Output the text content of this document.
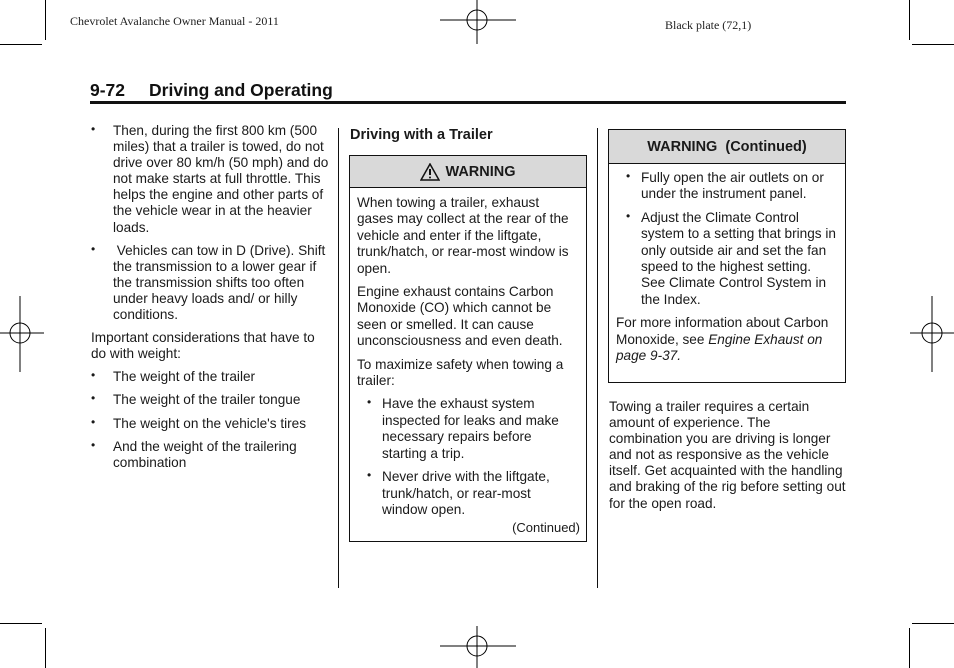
Chevrolet Avalanche Owner Manual - 2011	Black plate (72,1)
9-72 Driving and Operating
• Then, during the first 800 km (500 miles) that a trailer is towed, do not drive over 80 km/h (50 mph) and do not make starts at full throttle. This helps the engine and other parts of the vehicle wear in at the heavier loads.
• Vehicles can tow in D (Drive). Shift the transmission to a lower gear if the transmission shifts too often under heavy loads and/ or hilly conditions.
Important considerations that have to do with weight:
• The weight of the trailer
• The weight of the trailer tongue
• The weight on the vehicle's tires
• And the weight of the trailering combination
Driving with a Trailer
WARNING
When towing a trailer, exhaust gases may collect at the rear of the vehicle and enter if the liftgate, trunk/hatch, or rear-most window is open.
Engine exhaust contains Carbon Monoxide (CO) which cannot be seen or smelled. It can cause unconsciousness and even death.
To maximize safety when towing a trailer:
• Have the exhaust system inspected for leaks and make necessary repairs before starting a trip.
• Never drive with the liftgate, trunk/hatch, or rear-most window open.
(Continued)
WARNING  (Continued)
• Fully open the air outlets on or under the instrument panel.
• Adjust the Climate Control system to a setting that brings in only outside air and set the fan speed to the highest setting. See Climate Control System in the Index.
For more information about Carbon Monoxide, see Engine Exhaust on page 9-37.
Towing a trailer requires a certain amount of experience. The combination you are driving is longer and not as responsive as the vehicle itself. Get acquainted with the handling and braking of the rig before setting out for the open road.
